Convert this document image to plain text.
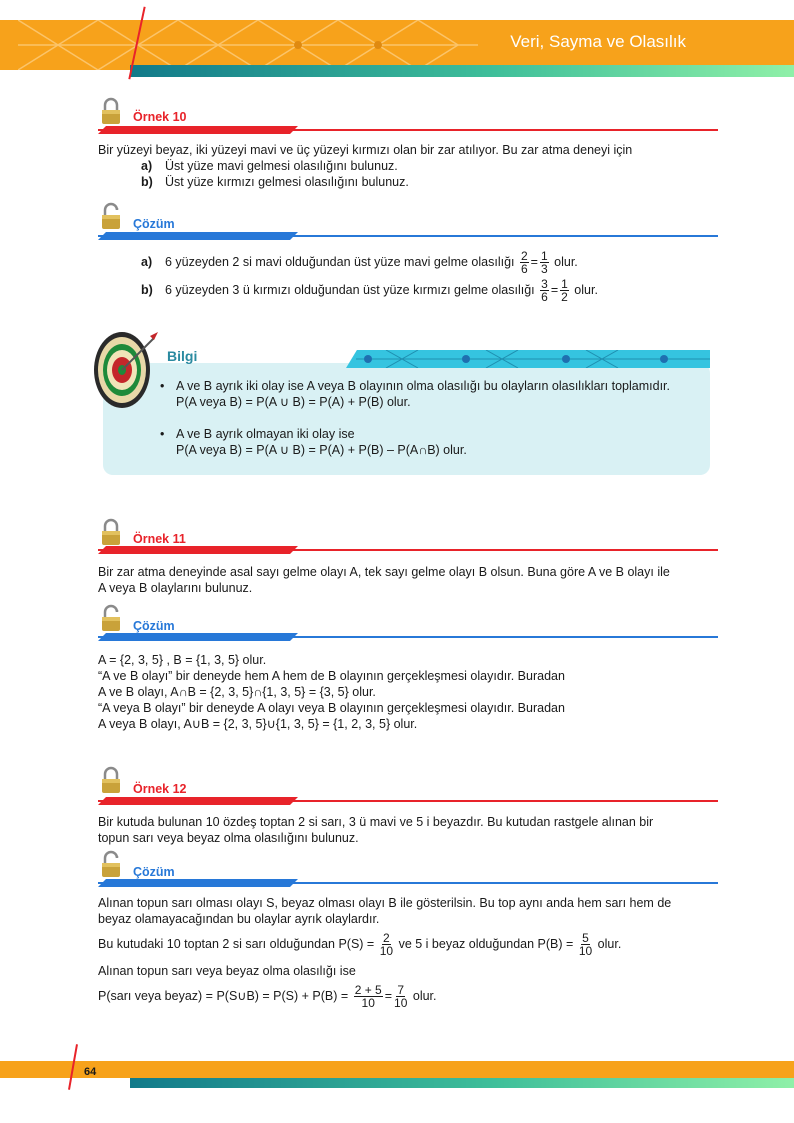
Veri, Sayma ve Olasılık
Örnek 10
Bir yüzeyi beyaz, iki yüzeyi mavi ve üç yüzeyi kırmızı olan bir zar atılıyor. Bu zar atma deneyi için
a) Üst yüze mavi gelmesi olasılığını bulunuz.
b) Üst yüze kırmızı gelmesi olasılığını bulunuz.
Çözüm
a) 6 yüzeyden 2 si mavi olduğundan üst yüze mavi gelme olasılığı $\frac{2}{6} = \frac{1}{3}$ olur.
b) 6 yüzeyden 3 ü kırmızı olduğundan üst yüze kırmızı gelme olasılığı $\frac{3}{6} = \frac{1}{2}$ olur.
Bilgi
• A ve B ayrık iki olay ise A veya B olayının olma olasılığı bu olayların olasılıkları toplamıdır.
P(A veya B) = P(A ∪ B) = P(A) + P(B) olur.
• A ve B ayrık olmayan iki olay ise
P(A veya B) = P(A ∪ B) = P(A) + P(B) – P(A∩B) olur.
Örnek 11
Bir zar atma deneyinde asal sayı gelme olayı A, tek sayı gelme olayı B olsun. Buna göre A ve B olayı ile
A veya B olaylarını bulunuz.
Çözüm
A = {2, 3, 5} , B = {1, 3, 5} olur.
“A ve B olayı” bir deneyde hem A hem de B olayının gerçekleşmesi olayıdır. Buradan
A ve B olayı, A∩B = {2, 3, 5}∩{1, 3, 5} = {3, 5} olur.
“A veya B olayı” bir deneyde A olayı veya B olayının gerçekleşmesi olayıdır. Buradan
A veya B olayı, A∪B = {2, 3, 5}∪{1, 3, 5} = {1, 2, 3, 5} olur.
Örnek 12
Bir kutuda bulunan 10 özdeş toptan 2 si sarı, 3 ü mavi ve 5 i beyazdır. Bu kutudan rastgele alınan bir
topun sarı veya beyaz olma olasılığını bulunuz.
Çözüm
Alınan topun sarı olması olayı S, beyaz olması olayı B ile gösterilsin. Bu top aynı anda hem sarı hem de
beyaz olamayacağından bu olaylar ayrık olaylardır.
Bu kutudaki 10 toptan 2 si sarı olduğundan $P(S) = \frac{2}{10}$ ve 5 i beyaz olduğundan $P(B) = \frac{5}{10}$ olur.
Alınan topun sarı veya beyaz olma olasılığı ise
P(sarı veya beyaz) = P(S∪B) = $P(S) + P(B) = \frac{2 + 5}{10} = \frac{7}{10}$ olur.
64
